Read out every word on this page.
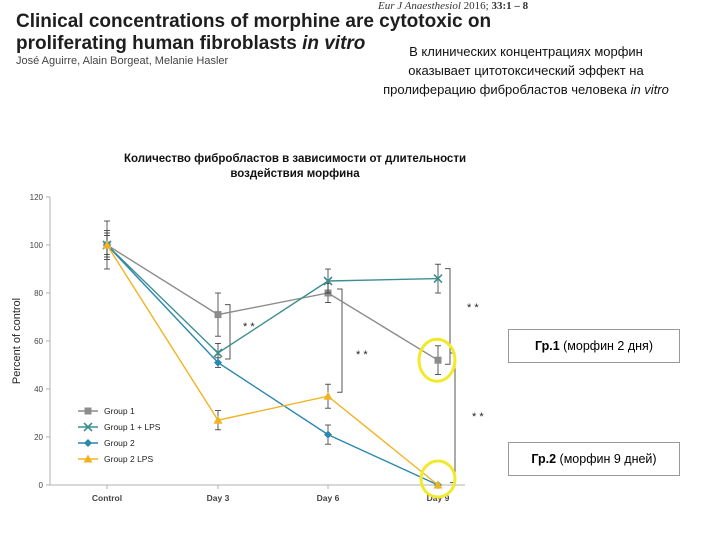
Eur J Anaesthesiol 2016; 33:1 – 8
Clinical concentrations of morphine are cytotoxic on
proliferating human fibroblasts in vitro
José Aguirre, Alain Borgeat, Melanie Hasler
В клинических концентрациях морфин
оказывает цитотоксический эффект на
пролиферацию фибробластов человека in vitro
Количество фибробластов в зависимости от длительности
воздействия морфина
0
20
40
60
80
100
120
Control	Day 3	Day 6	Day 9
Percent of control	* *
* *
* *
* *
Group 1
Group 1 + LPS
Group 2
Group 2 LPS
Гр.1 (морфин 2 дня)
Гр.2 (морфин 9 дней)
